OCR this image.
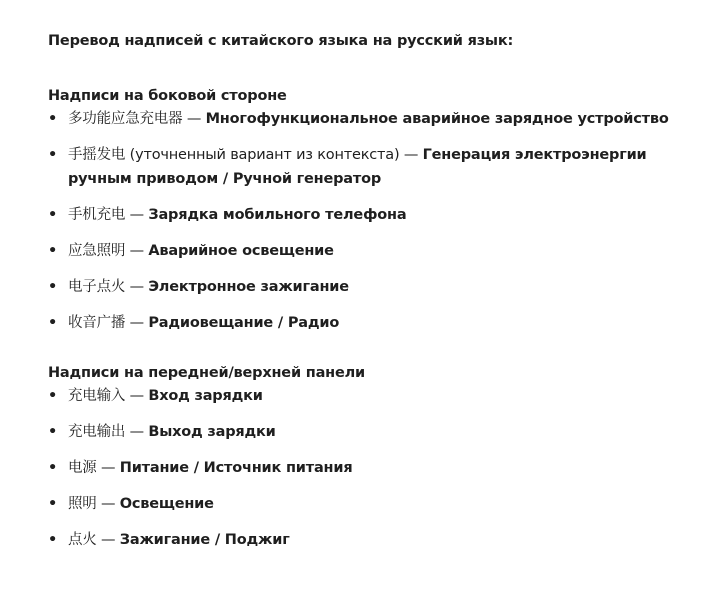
Перевод надписей с китайского языка на русский язык:

Надписи на боковой стороне

• 多功能应急充电器 — Многофункциональное аварийное зарядное устройство
• 手摇发电 (уточненный вариант из контекста) — Генерация электроэнергии ручным приводом / Ручной генератор
• 手机充电 — Зарядка мобильного телефона
• 应急照明 — Аварийное освещение
• 电子点火 — Электронное зажигание
• 收音广播 — Радиовещание / Радио

Надписи на передней/верхней панели

• 充电输入 — Вход зарядки
• 充电输出 — Выход зарядки
• 电源 — Питание / Источник питания
• 照明 — Освещение
• 点火 — Зажигание / Поджиг
